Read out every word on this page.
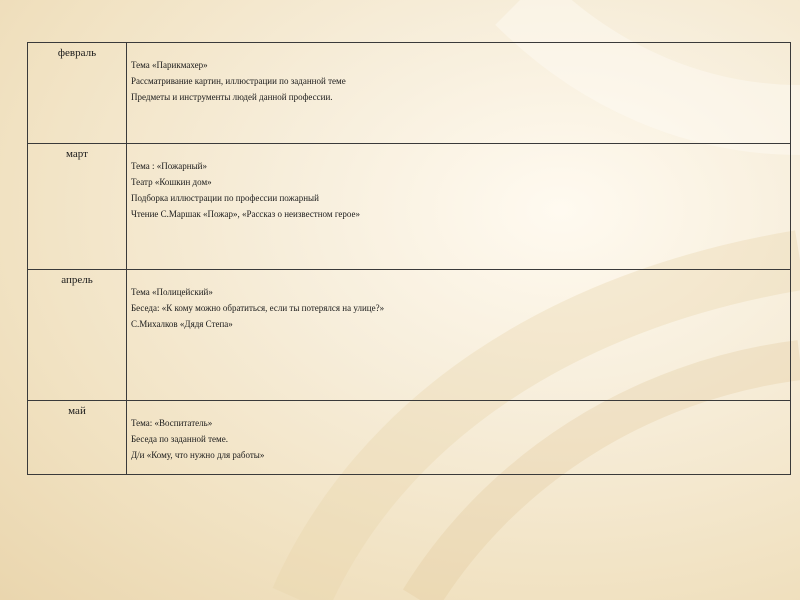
февраль	Тема «Парикмахер»
Рассматривание картин, иллюстрации по заданной теме
Предметы и инструменты людей данной профессии.

март	Тема : «Пожарный»
Театр «Кошкин дом»
Подборка иллюстрации по профессии пожарный
Чтение С.Маршак «Пожар», «Рассказ о неизвестном герое»

апрель	Тема «Полицейский»
Беседа: «К кому можно обратиться, если ты потерялся на улице?»
С.Михалков «Дядя Степа»

май	Тема: «Воспитатель»
Беседа по заданной теме.
Д/и «Кому, что нужно для работы»
